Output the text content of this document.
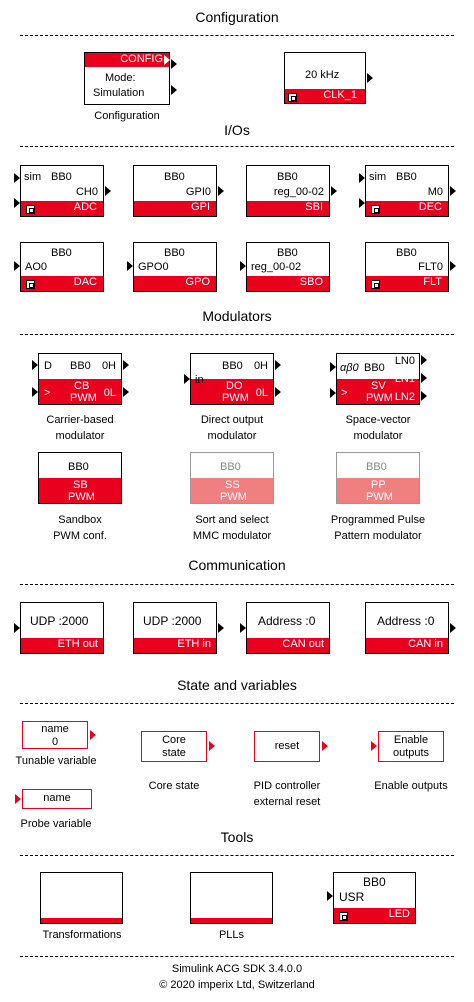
Configuration
CONFIG
Mode:
Simulation
Configuration
20 kHz
CLK_1
I/Os
sim BB0
CH0
ADC
BB0
GPI0
GPI
BB0
reg_00-02
SBI
sim BB0
M0
DEC
BB0
AO0
DAC
BB0
GPO0
GPO
BB0
reg_00-02
SBO
BB0
FLT0
FLT
Modulators
D BB0 0H
CB
PWM 0L
>
Carrier-based
modulator
BB0 0H
in DO
PWM 0L
Direct output
modulator
αβ0 BB0
LN0
LN1
LN2
SV
PWM
>
Space-vector
modulator
BB0
SB
PWM
Sandbox
PWM conf.
BB0
SS
PWM
Sort and select
MMC modulator
BB0
PP
PWM
Programmed Pulse
Pattern modulator
Communication
UDP :2000
ETH out
UDP :2000
ETH in
Address :0
CAN out
Address :0
CAN in
State and variables
name
0
Tunable variable
Core
state
Core state
reset
PID controller
external reset
Enable
outputs
Enable outputs
name
Probe variable
Tools
Transformations	PLLs
BB0
USR
LED
Simulink ACG SDK 3.4.0.0
© 2020 imperix Ltd, Switzerland
